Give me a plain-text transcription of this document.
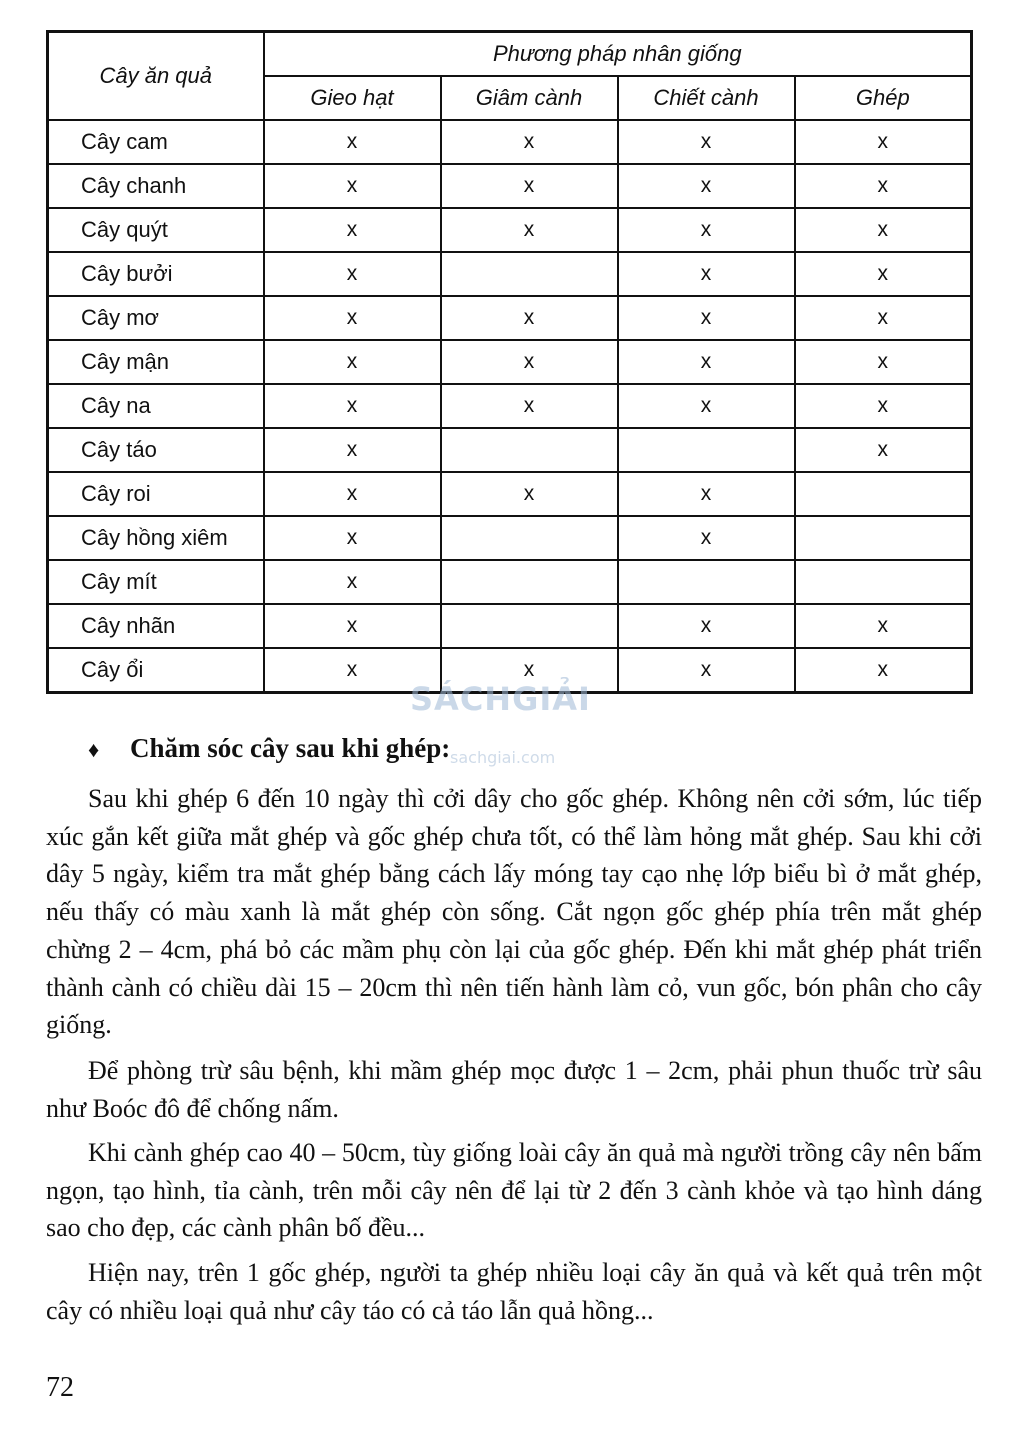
Cây ăn quả	Phương pháp nhân giống			
	Gieo hạt	Giâm cành	Chiết cành	Ghép
Cây cam	x	x	x	x
Cây chanh	x	x	x	x
Cây quýt	x	x	x	x
Cây bưởi	x		x	x
Cây mơ	x	x	x	x
Cây mận	x	x	x	x
Cây na	x	x	x	x
Cây táo	x			x
Cây roi	x	x	x	
Cây hồng xiêm	x		x	
Cây mít	x			
Cây nhãn	x		x	x
Cây ổi	x	x	x	x
SÁCHGIẢI
sachgiai.com

♦ Chăm sóc cây sau khi ghép:

Sau khi ghép 6 đến 10 ngày thì cởi dây cho gốc ghép. Không nên cởi sớm, lúc tiếp xúc gắn kết giữa mắt ghép và gốc ghép chưa tốt, có thể làm hỏng mắt ghép. Sau khi cởi dây 5 ngày, kiểm tra mắt ghép bằng cách lấy móng tay cạo nhẹ lớp biểu bì ở mắt ghép, nếu thấy có màu xanh là mắt ghép còn sống. Cắt ngọn gốc ghép phía trên mắt ghép chừng 2 – 4cm, phá bỏ các mầm phụ còn lại của gốc ghép. Đến khi mắt ghép phát triển thành cành có chiều dài 15 – 20cm thì nên tiến hành làm cỏ, vun gốc, bón phân cho cây giống.

Để phòng trừ sâu bệnh, khi mầm ghép mọc được 1 – 2cm, phải phun thuốc trừ sâu như Boóc đô để chống nấm.

Khi cành ghép cao 40 – 50cm, tùy giống loài cây ăn quả mà người trồng cây nên bấm ngọn, tạo hình, tỉa cành, trên mỗi cây nên để lại từ 2 đến 3 cành khỏe và tạo hình dáng sao cho đẹp, các cành phân bố đều...

Hiện nay, trên 1 gốc ghép, người ta ghép nhiều loại cây ăn quả và kết quả trên một cây có nhiều loại quả như cây táo có cả táo lẫn quả hồng...

72
